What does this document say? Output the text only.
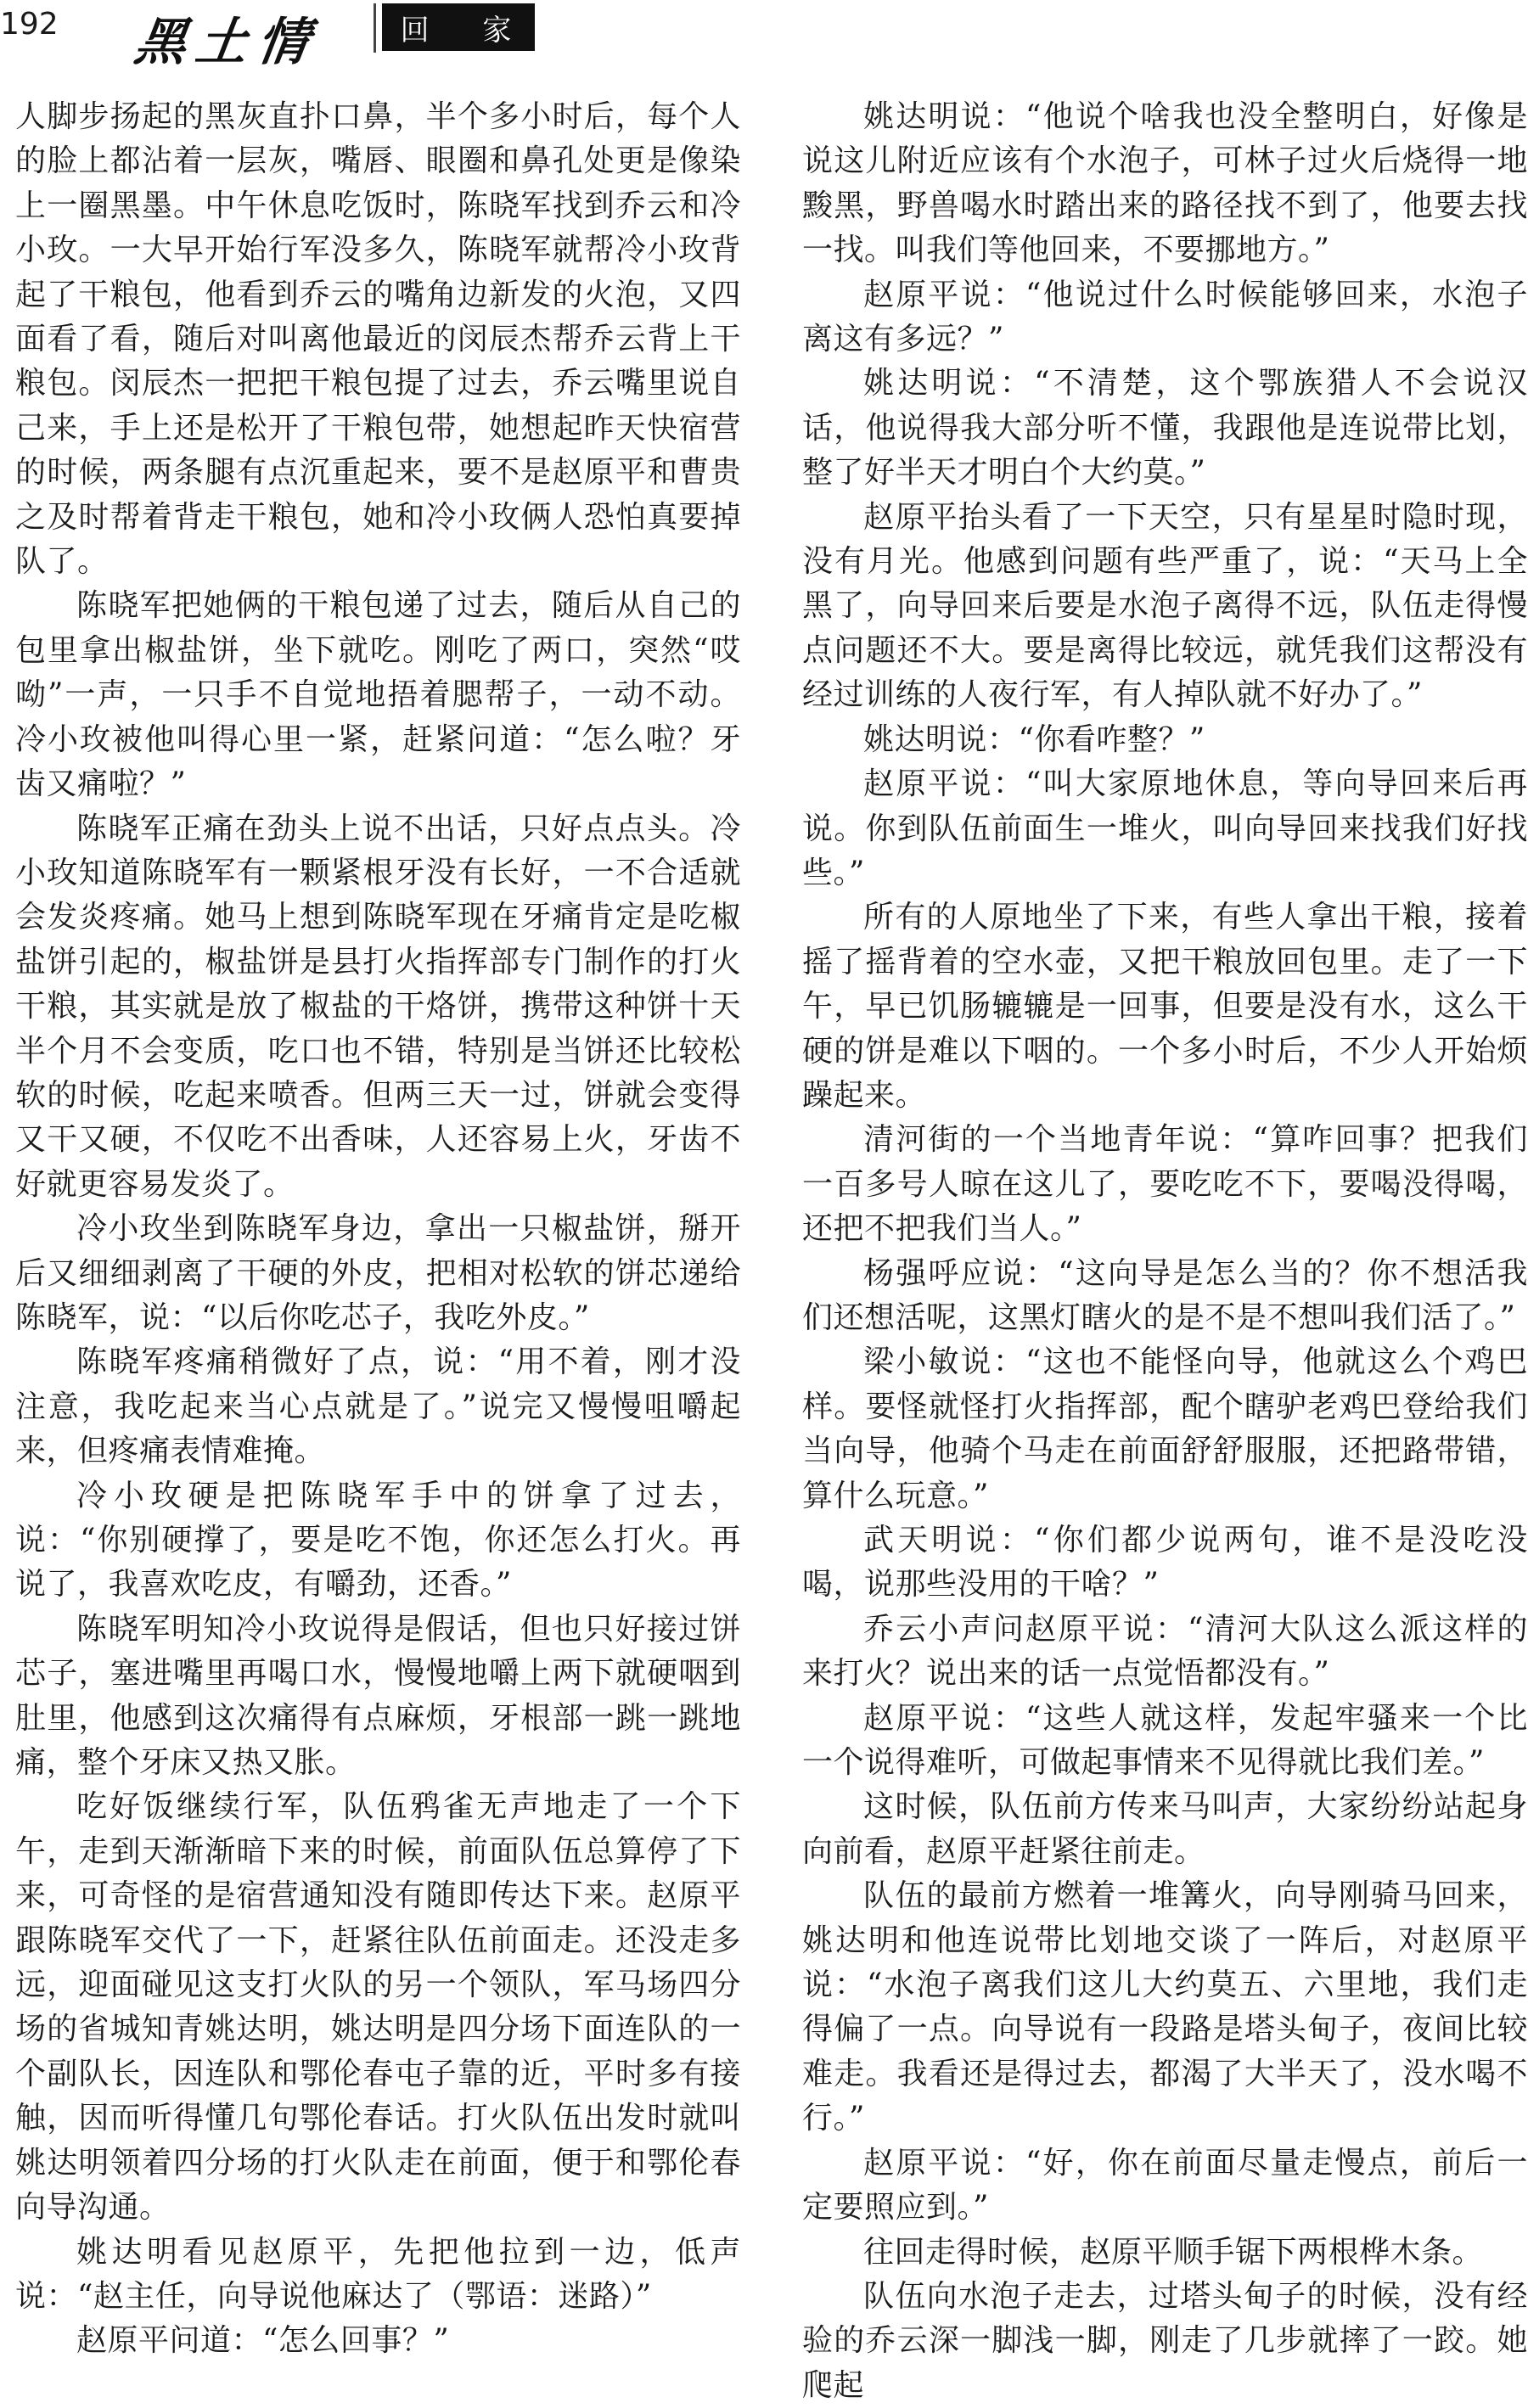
192 黑土情	回 家

人脚步扬起的黑灰直扑口鼻，半个多小时后，每个人的脸上都沾着一层灰，嘴唇、眼圈和鼻孔处更是像染上一圈黑墨。中午休息吃饭时，陈晓军找到乔云和冷小玫。一大早开始行军没多久，陈晓军就帮冷小玫背起了干粮包，他看到乔云的嘴角边新发的火泡，又四面看了看，随后对叫离他最近的闵辰杰帮乔云背上干粮包。闵辰杰一把把干粮包提了过去，乔云嘴里说自己来，手上还是松开了干粮包带，她想起昨天快宿营的时候，两条腿有点沉重起来，要不是赵原平和曹贵之及时帮着背走干粮包，她和冷小玫俩人恐怕真要掉队了。

陈晓军把她俩的干粮包递了过去，随后从自己的包里拿出椒盐饼，坐下就吃。刚吃了两口，突然“哎呦”一声，一只手不自觉地捂着腮帮子，一动不动。冷小玫被他叫得心里一紧，赶紧问道：“怎么啦？牙齿又痛啦？”

陈晓军正痛在劲头上说不出话，只好点点头。冷小玫知道陈晓军有一颗紧根牙没有长好，一不合适就会发炎疼痛。她马上想到陈晓军现在牙痛肯定是吃椒盐饼引起的，椒盐饼是县打火指挥部专门制作的打火干粮，其实就是放了椒盐的干烙饼，携带这种饼十天半个月不会变质，吃口也不错，特别是当饼还比较松软的时候，吃起来喷香。但两三天一过，饼就会变得又干又硬，不仅吃不出香味，人还容易上火，牙齿不好就更容易发炎了。

冷小玫坐到陈晓军身边，拿出一只椒盐饼，掰开后又细细剥离了干硬的外皮，把相对松软的饼芯递给陈晓军，说：“以后你吃芯子，我吃外皮。”

陈晓军疼痛稍微好了点，说：“用不着，刚才没注意，我吃起来当心点就是了。”说完又慢慢咀嚼起来，但疼痛表情难掩。

冷小玫硬是把陈晓军手中的饼拿了过去，说：“你别硬撑了，要是吃不饱，你还怎么打火。再说了，我喜欢吃皮，有嚼劲，还香。”

陈晓军明知冷小玫说得是假话，但也只好接过饼芯子，塞进嘴里再喝口水，慢慢地嚼上两下就硬咽到肚里，他感到这次痛得有点麻烦，牙根部一跳一跳地痛，整个牙床又热又胀。

吃好饭继续行军，队伍鸦雀无声地走了一个下午，走到天渐渐暗下来的时候，前面队伍总算停了下来，可奇怪的是宿营通知没有随即传达下来。赵原平跟陈晓军交代了一下，赶紧往队伍前面走。还没走多远，迎面碰见这支打火队的另一个领队，军马场四分场的省城知青姚达明，姚达明是四分场下面连队的一个副队长，因连队和鄂伦春屯子靠的近，平时多有接触，因而听得懂几句鄂伦春话。打火队伍出发时就叫姚达明领着四分场的打火队走在前面，便于和鄂伦春向导沟通。

姚达明看见赵原平，先把他拉到一边，低声说：“赵主任，向导说他麻达了（鄂语：迷路）”

赵原平问道：“怎么回事？”

姚达明说：“他说个啥我也没全整明白，好像是说这儿附近应该有个水泡子，可林子过火后烧得一地黢黑，野兽喝水时踏出来的路径找不到了，他要去找一找。叫我们等他回来，不要挪地方。”

赵原平说：“他说过什么时候能够回来，水泡子离这有多远？”

姚达明说：“不清楚，这个鄂族猎人不会说汉话，他说得我大部分听不懂，我跟他是连说带比划，整了好半天才明白个大约莫。”

赵原平抬头看了一下天空，只有星星时隐时现，没有月光。他感到问题有些严重了，说：“天马上全黑了，向导回来后要是水泡子离得不远，队伍走得慢点问题还不大。要是离得比较远，就凭我们这帮没有经过训练的人夜行军，有人掉队就不好办了。”

姚达明说：“你看咋整？”

赵原平说：“叫大家原地休息，等向导回来后再说。你到队伍前面生一堆火，叫向导回来找我们好找些。”

所有的人原地坐了下来，有些人拿出干粮，接着摇了摇背着的空水壶，又把干粮放回包里。走了一下午，早已饥肠辘辘是一回事，但要是没有水，这么干硬的饼是难以下咽的。一个多小时后，不少人开始烦躁起来。

清河街的一个当地青年说：“算咋回事？把我们一百多号人晾在这儿了，要吃吃不下，要喝没得喝，还把不把我们当人。”

杨强呼应说：“这向导是怎么当的？你不想活我们还想活呢，这黑灯瞎火的是不是不想叫我们活了。”

梁小敏说：“这也不能怪向导，他就这么个鸡巴样。要怪就怪打火指挥部，配个瞎驴老鸡巴登给我们当向导，他骑个马走在前面舒舒服服，还把路带错，算什么玩意。”

武天明说：“你们都少说两句，谁不是没吃没喝，说那些没用的干啥？”

乔云小声问赵原平说：“清河大队这么派这样的来打火？说出来的话一点觉悟都没有。”

赵原平说：“这些人就这样，发起牢骚来一个比一个说得难听，可做起事情来不见得就比我们差。”

这时候，队伍前方传来马叫声，大家纷纷站起身向前看，赵原平赶紧往前走。

队伍的最前方燃着一堆篝火，向导刚骑马回来，姚达明和他连说带比划地交谈了一阵后，对赵原平说：“水泡子离我们这儿大约莫五、六里地，我们走得偏了一点。向导说有一段路是塔头甸子，夜间比较难走。我看还是得过去，都渴了大半天了，没水喝不行。”

赵原平说：“好，你在前面尽量走慢点，前后一定要照应到。”

往回走得时候，赵原平顺手锯下两根桦木条。

队伍向水泡子走去，过塔头甸子的时候，没有经验的乔云深一脚浅一脚，刚走了几步就摔了一跤。她爬起
